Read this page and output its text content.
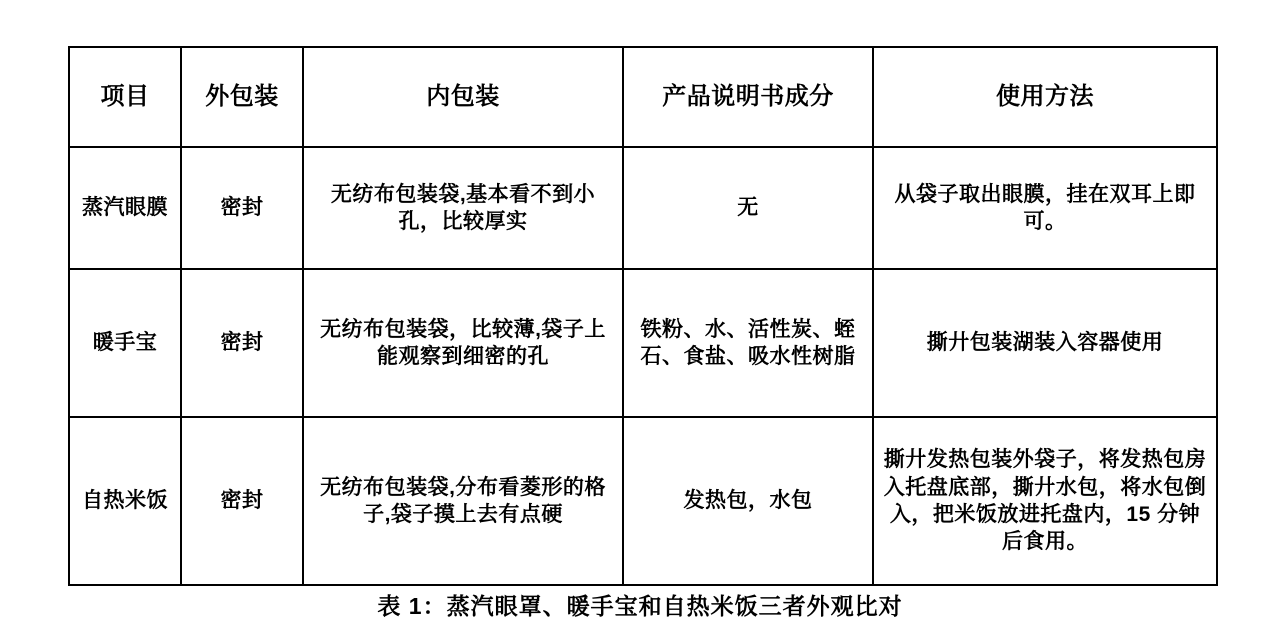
项目	外包装	内包装	产品说明书成分	使用方法
蒸汽眼膜	密封	无纺布包装袋,基本看不到小孔，比较厚实	无	从袋子取出眼膜，挂在双耳上即可。
暖手宝	密封	无纺布包装袋，比较薄,袋子上能观察到细密的孔	铁粉、水、活性炭、蛭石、食盐、吸水性树脂	撕廾包装湖装入容器使用
自热米饭	密封	无纺布包装袋,分布看菱形的格子,袋子摸上去有点硬	发热包，水包	撕廾发热包装外袋子，将发热包房入托盘底部，撕廾水包，将水包倒入，把米饭放进托盘内，15 分钟后食用。
表 1：蒸汽眼罩、暖手宝和自热米饭三者外观比对
